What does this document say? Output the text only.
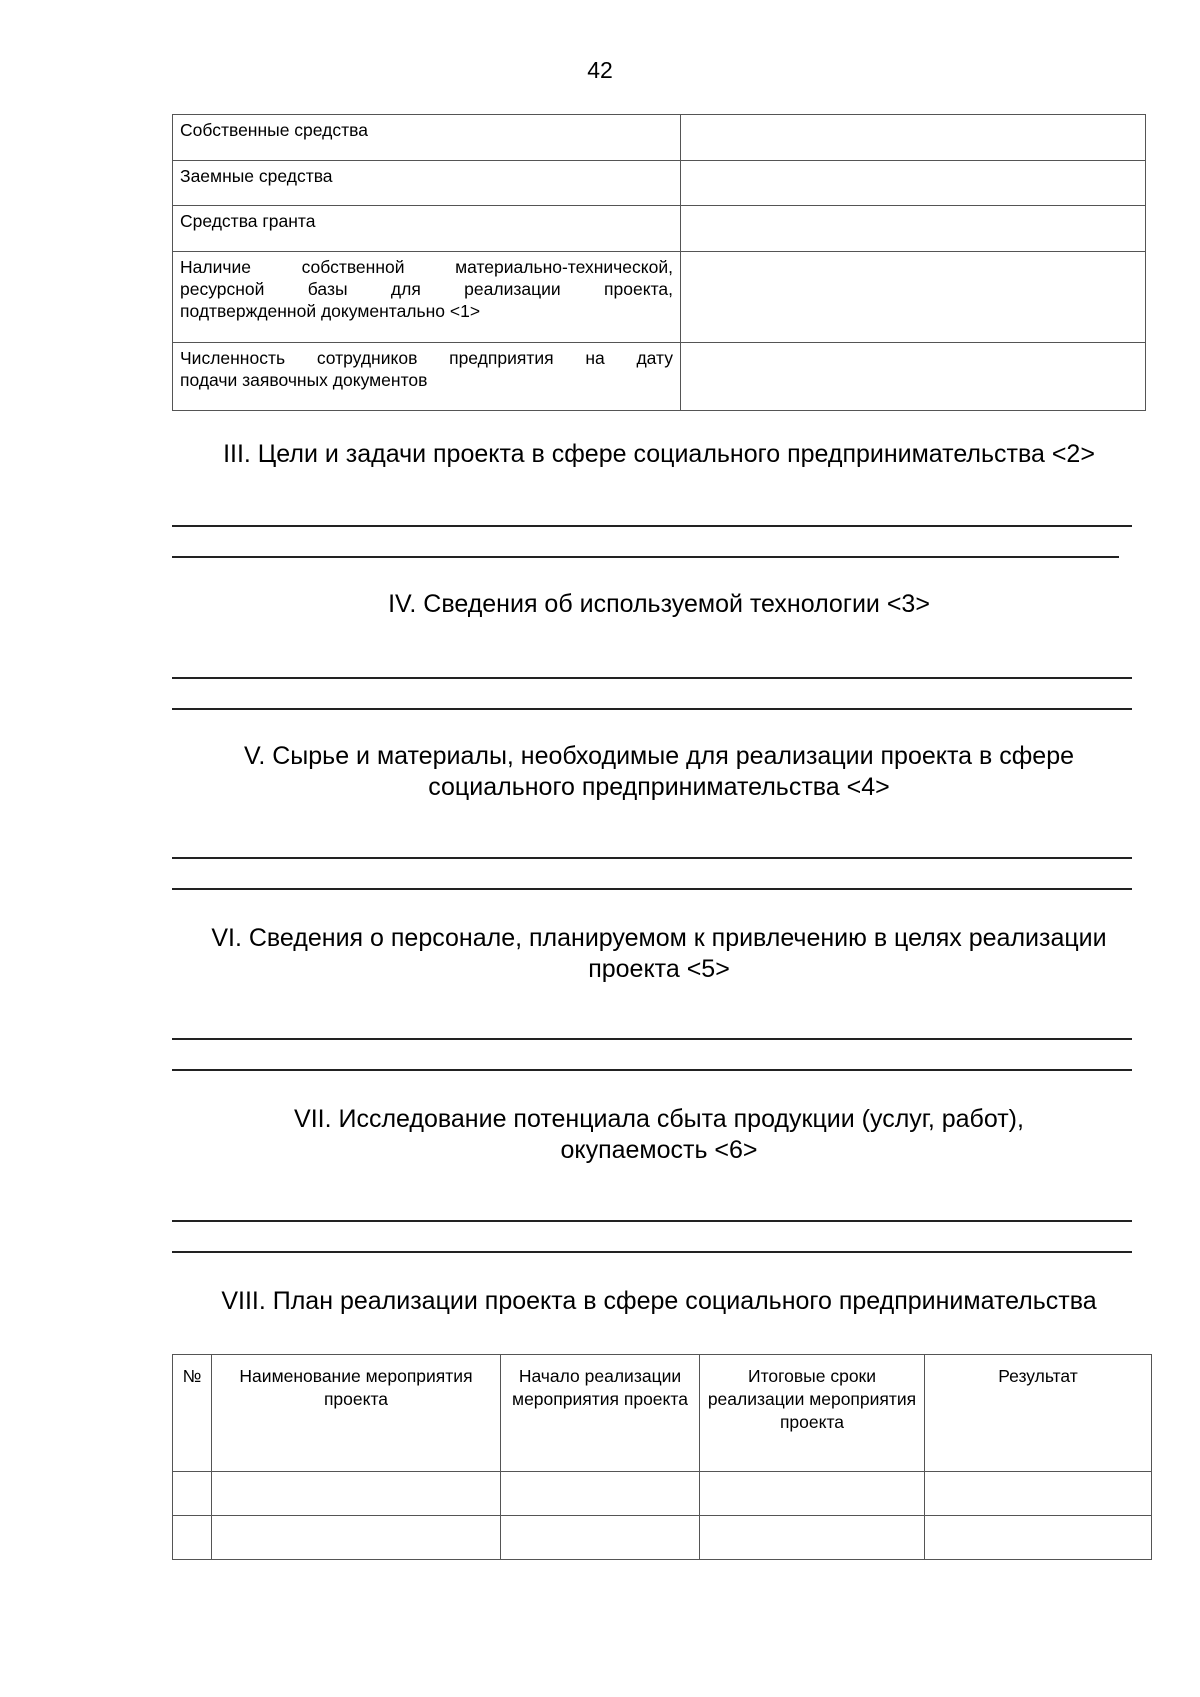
42
Собственные средства	
Заемные средства	
Средства гранта	

Наличие собственной материально-технической,
ресурсной базы для реализации проекта,
подтвержденной документально <1>	

Численность сотрудников предприятия на дату
подачи заявочных документов	

III. Цели и задачи проекта в сфере социального предпринимательства <2>
IV. Сведения об используемой технологии <3>
V. Сырье и материалы, необходимые для реализации проекта в сфере
социального предпринимательства <4>
VI. Сведения о персонале, планируемом к привлечению в целях реализации
проекта <5>
VII. Исследование потенциала сбыта продукции (услуг, работ),
окупаемость <6>
VIII. План реализации проекта в сфере социального предпринимательства
№	Наименование мероприятия проекта	Начало реализации мероприятия проекта	Итоговые сроки реализации мероприятия проекта	Результат
